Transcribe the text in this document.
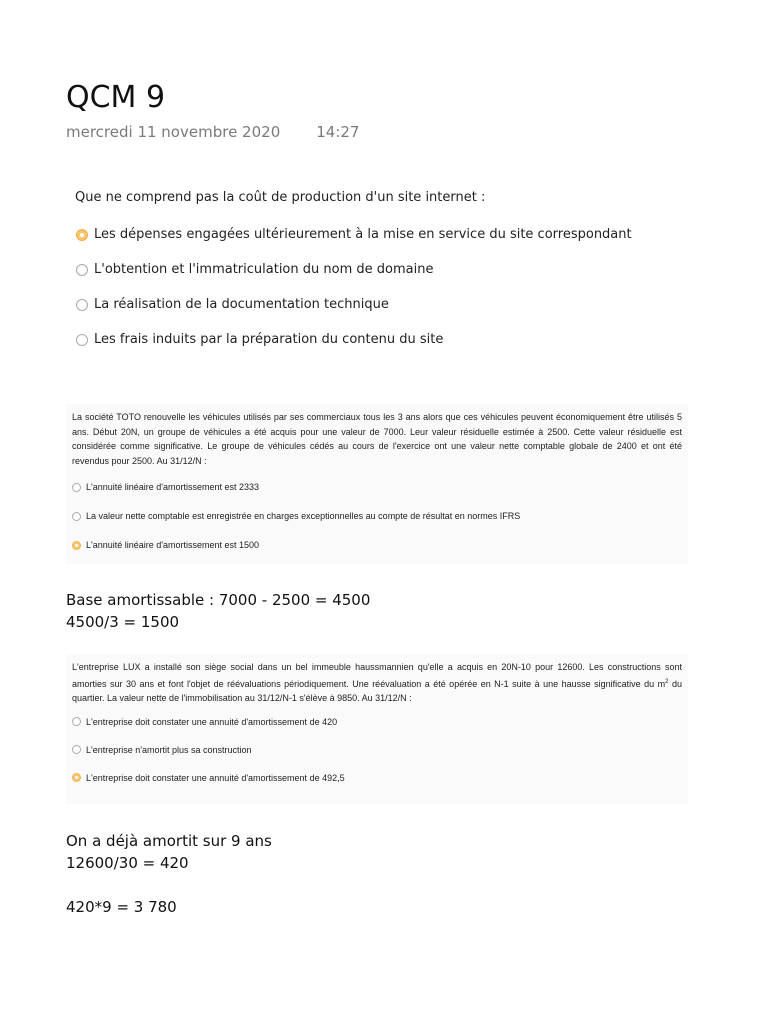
QCM 9
mercredi 11 novembre 2020 14:27

Que ne comprend pas la coût de production d'un site internet :

Les dépenses engagées ultérieurement à la mise en service du site correspondant
L'obtention et l'immatriculation du nom de domaine
La réalisation de la documentation technique
Les frais induits par la préparation du contenu du site

La société TOTO renouvelle les véhicules utilisés par ses commerciaux tous les 3 ans alors que ces véhicules peuvent économiquement être utilisés 5 ans. Début 20N, un groupe de véhicules a été acquis pour une valeur de 7000. Leur valeur résiduelle estimée à 2500. Cette valeur résiduelle est considérée comme significative. Le groupe de véhicules cédés au cours de l'exercice ont une valeur nette comptable globale de 2400 et ont été revendus pour 2500. Au 31/12/N :

L'annuité linéaire d'amortissement est 2333
La valeur nette comptable est enregistrée en charges exceptionnelles au compte de résultat en normes IFRS
L'annuité linéaire d'amortissement est 1500
Base amortissable : 7000 - 2500 = 4500
4500/3 = 1500

L'entreprise LUX a installé son siège social dans un bel immeuble haussmannien qu'elle a acquis en 20N-10 pour 12600. Les constructions sont amorties sur 30 ans et font l'objet de réévaluations périodiquement. Une réévaluation a été opérée en N-1 suite à une hausse significative du $m^2$ du quartier. La valeur nette de l'immobilisation au 31/12/N-1 s'élève à 9850. Au 31/12/N :

L'entreprise doit constater une annuité d'amortissement de 420
L'entreprise n'amortit plus sa construction
L'entreprise doit constater une annuité d'amortissement de 492,5
On a déjà amortit sur 9 ans
12600/30 = 420
420*9 = 3 780
